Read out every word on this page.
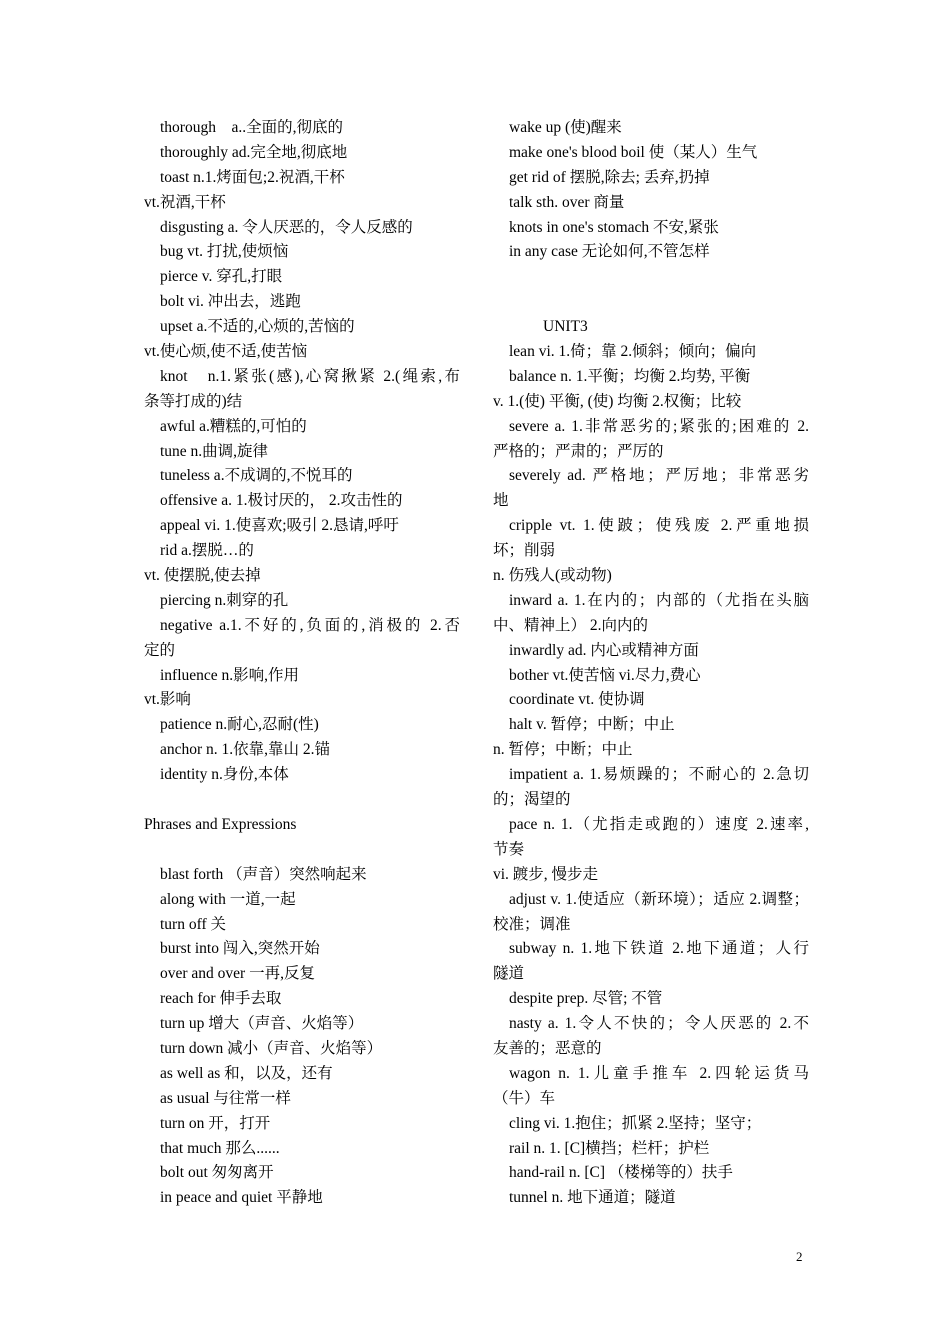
thorough　a..全面的,彻底的
thoroughly ad.完全地,彻底地
toast n.1.烤面包;2.祝酒,干杯
vt.祝酒,干杯
disgusting a. 令人厌恶的，令人反感的
bug vt. 打扰,使烦恼
pierce v. 穿孔,打眼
bolt vi. 冲出去，逃跑
upset a.不适的,心烦的,苦恼的
vt.使心烦,使不适,使苦恼
knot　n.1.紧张(感),心窝揪紧 2.(绳索,布
条等打成的)结
awful a.糟糕的,可怕的
tune n.曲调,旋律
tuneless a.不成调的,不悦耳的
offensive a. 1.极讨厌的， 2.攻击性的
appeal vi. 1.使喜欢;吸引 2.恳请,呼吁
rid a.摆脱…的
vt. 使摆脱,使去掉
piercing n.刺穿的孔
negative a.1.不好的,负面的,消极的 2.否
定的
influence n.影响,作用
vt.影响
patience n.耐心,忍耐(性)
anchor n. 1.依靠,靠山 2.锚
identity n.身份,本体
Phrases and Expressions
blast forth （声音）突然响起来
along with 一道,一起
turn off 关
burst into 闯入,突然开始
over and over 一再,反复
reach for 伸手去取
turn up 增大（声音、火焰等）
turn down 减小（声音、火焰等）
as well as 和，以及，还有
as usual 与往常一样
turn on 开，打开
that much 那么......
bolt out 匆匆离开
in peace and quiet 平静地
wake up (使)醒来
make one's blood boil 使（某人）生气
get rid of 摆脱,除去; 丢弃,扔掉
talk sth. over 商量
knots in one's stomach 不安,紧张
in any case 无论如何,不管怎样
UNIT3
lean vi. 1.倚；靠 2.倾斜；倾向；偏向
balance n. 1.平衡；均衡 2.均势, 平衡
v. 1.(使) 平衡, (使) 均衡 2.权衡；比较
severe a. 1.非常恶劣的;紧张的;困难的 2.
严格的；严肃的；严厉的
severely ad. 严格地；严厉地；非常恶劣
地
cripple vt. 1.使跛；使残废 2.严重地损
坏；削弱
n. 伤残人(或动物)
inward a. 1.在内的；内部的（尤指在头脑
中、精神上） 2.向内的
inwardly ad. 内心或精神方面
bother vt.使苦恼 vi.尽力,费心
coordinate vt. 使协调
halt v. 暂停；中断；中止
n. 暂停；中断；中止
impatient a. 1.易烦躁的；不耐心的 2.急切
的；渴望的
pace n. 1.（尤指走或跑的）速度 2.速率,
节奏
vi. 踱步, 慢步走
adjust v. 1.使适应（新环境）；适应 2.调整；
校准；调准
subway n. 1.地下铁道 2.地下通道；人行
隧道
despite prep. 尽管; 不管
nasty a. 1.令人不快的；令人厌恶的 2.不
友善的；恶意的
wagon n. 1.儿童手推车 2.四轮运货马
（牛）车
cling vi. 1.抱住；抓紧 2.坚持；坚守；
rail n. 1. [C]横挡；栏杆；护栏
hand-rail n. [C] （楼梯等的）扶手
tunnel n. 地下通道；隧道
2
